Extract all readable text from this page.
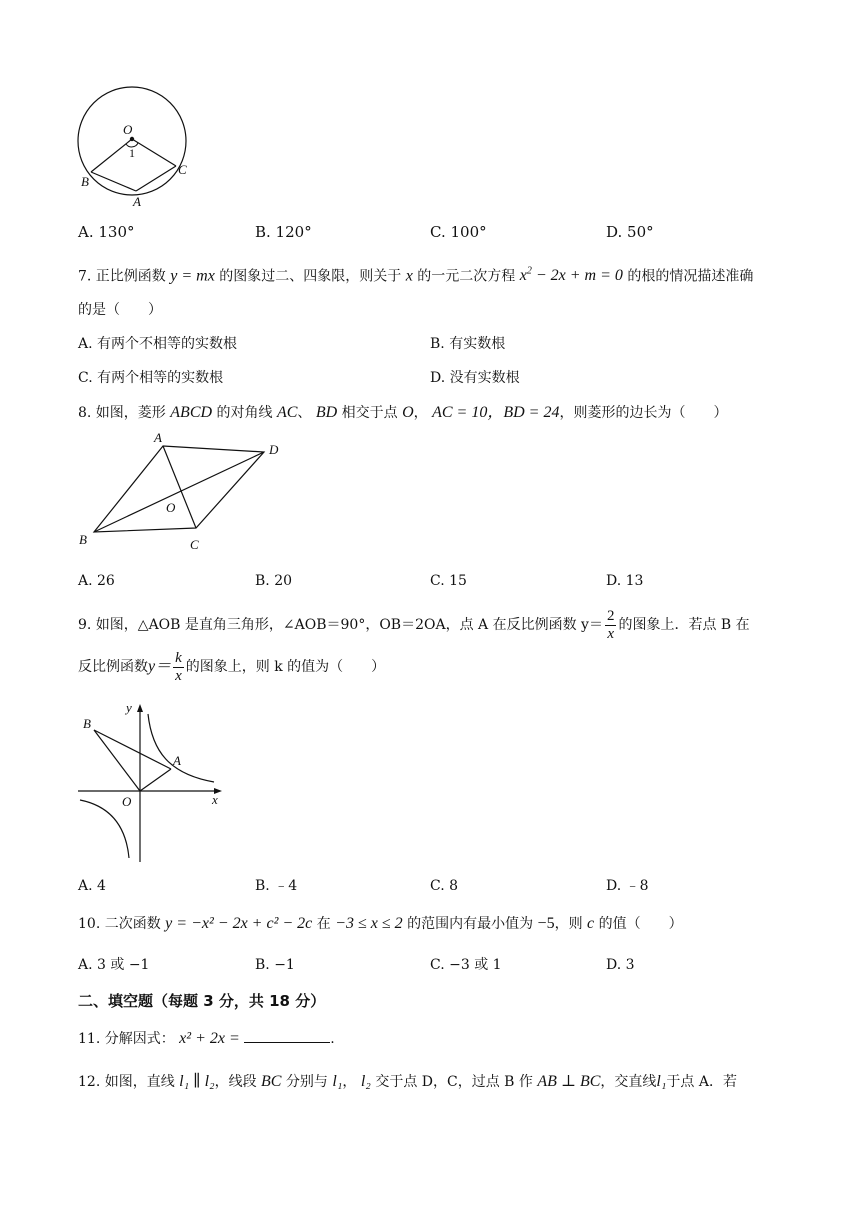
O
1
B
A
C
A. 130°	B. 120°	C. 100°	D. 50°
7. 正比例函数 y = mx 的图象过二、四象限，则关于 x 的一元二次方程 $x^2 - 2x + m = 0$ 的根的情况描述准确
的是（　　）
A. 有两个不相等的实数根	B. 有实数根
C. 有两个相等的实数根	D. 没有实数根
8. 如图，菱形 ABCD 的对角线 AC、 BD 相交于点 O， AC = 10，BD = 24，则菱形的边长为（　　）
A
D
O
B	C
A. 26	B. 20	C. 15	D. 13
9. 如图，△AOB 是直角三角形，∠AOB＝90°，OB＝2OA，点 A 在反比例函数 $y= \frac{2}{x}$ 的图象上．若点 B 在
反比例函数$y= \frac{k}{x}$ 的图象上，则 k 的值为（　　）
y
B
A
O	x
A. 4	B. ﹣4	C. 8	D. ﹣8
10. 二次函数 y = −x² − 2x + c² − 2c 在 −3 ≤ x ≤ 2 的范围内有最小值为 −5，则 c 的值（　　）
A. 3 或 −1	B. −1	C. −3 或 1	D. 3
二、填空题（每题 3 分，共 18 分）
11. 分解因式： x² + 2x =	.
12. 如图，直线 l₁ ∥ l₂，线段 BC 分别与 l₁， l₂ 交于点 D，C，过点 B 作 AB ⊥ BC，交直线l₁于点 A．若
